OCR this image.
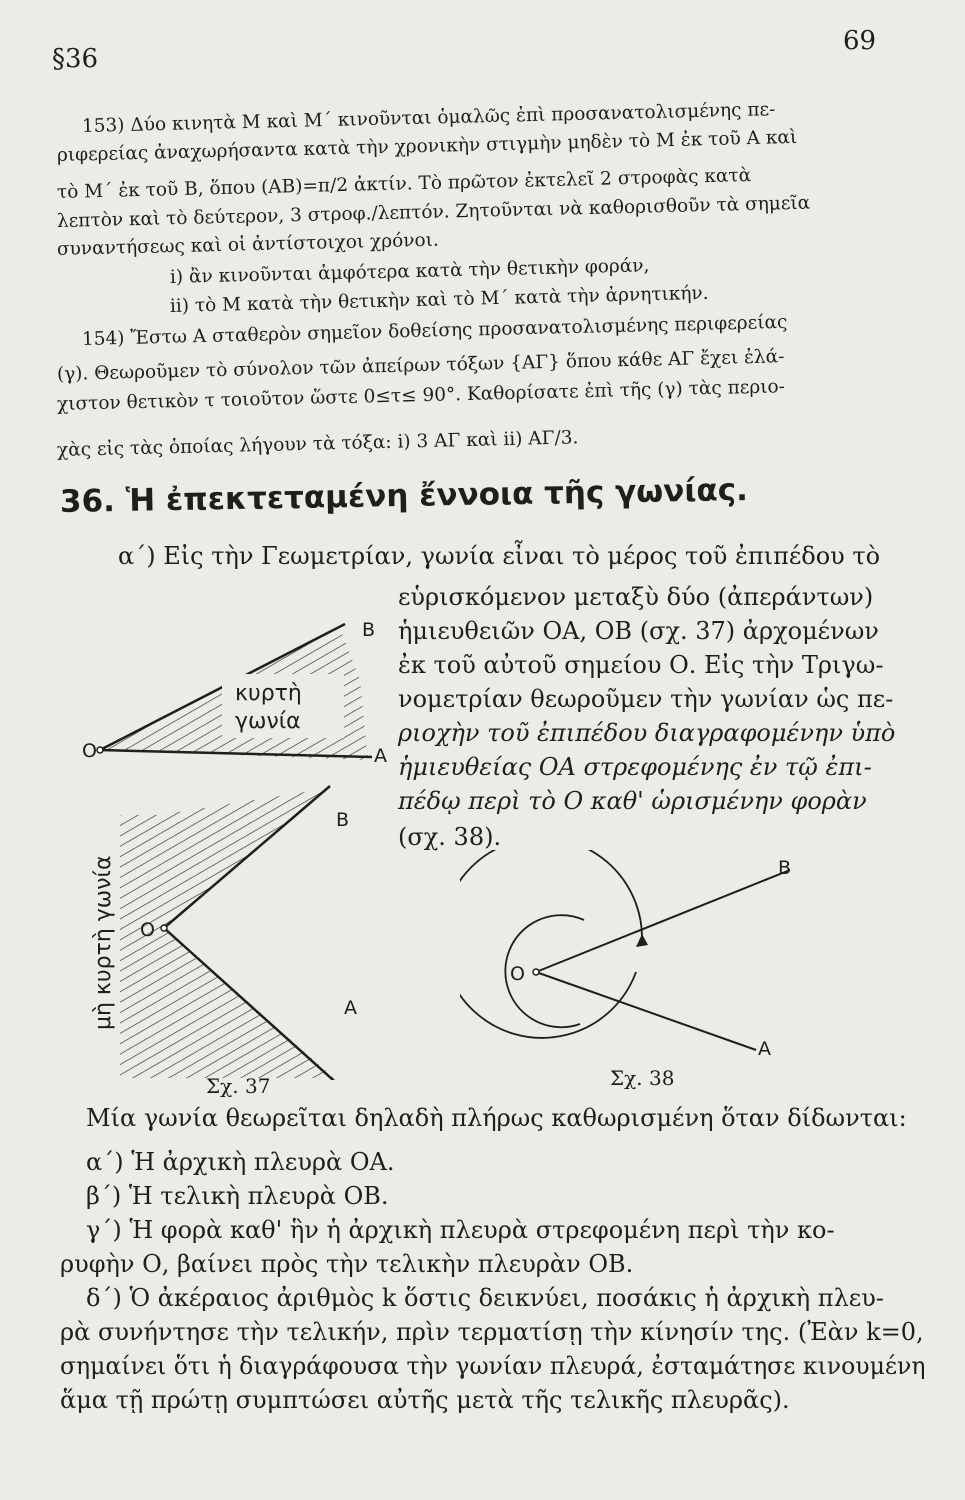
§36
69
153) Δύο κινητὰ Μ καὶ Μ΄ κινοῦνται ὁμαλῶς ἐπὶ προσανατολισμένης πε-
ριφερείας ἀναχωρήσαντα κατὰ τὴν χρονικὴν στιγμὴν μηδὲν τὸ Μ ἐκ τοῦ Α καὶ
τὸ Μ΄ ἐκ τοῦ Β, ὅπου (ΑΒ)=π/2 ἀκτίν. Τὸ πρῶτον ἐκτελεῖ 2 στροφὰς κατὰ
λεπτὸν καὶ τὸ δεύτερον, 3 στροφ./λεπτόν. Ζητοῦνται νὰ καθορισθοῦν τὰ σημεῖα
συναντήσεως καὶ οἱ ἀντίστοιχοι χρόνοι.
i) ἂν κινοῦνται ἀμφότερα κατὰ τὴν θετικὴν φοράν,
ii) τὸ Μ κατὰ τὴν θετικὴν καὶ τὸ Μ΄ κατὰ τὴν ἀρνητικήν.
154) Ἔστω Α σταθερὸν σημεῖον δοθείσης προσανατολισμένης περιφερείας
(γ). Θεωροῦμεν τὸ σύνολον τῶν ἀπείρων τόξων {ΑΓ} ὅπου κάθε ΑΓ ἔχει ἐλά-
χιστον θετικὸν τ τοιοῦτον ὥστε 0≤τ≤ 90°. Καθορίσατε ἐπὶ τῆς (γ) τὰς περιο-
χὰς εἰς τὰς ὁποίας λήγουν τὰ τόξα: i) 3 ΑΓ καὶ ii) ΑΓ/3.
36. Ἡ ἐπεκτεταμένη ἔννοια τῆς γωνίας.
α΄) Εἰς τὴν Γεωμετρίαν, γωνία εἶναι τὸ μέρος τοῦ ἐπιπέδου τὸ
εὑρισκόμενον μεταξὺ δύο (ἀπεράντων)
ἡμιευθειῶν ΟΑ, ΟΒ (σχ. 37) ἀρχομένων
ἐκ τοῦ αὐτοῦ σημείου Ο. Εἰς τὴν Τριγω-
νομετρίαν θεωροῦμεν τὴν γωνίαν ὡς πε-
ριοχὴν τοῦ ἐπιπέδου διαγραφομένην ὑπὸ
ἡμιευθείας ΟΑ στρεφομένης ἐν τῷ ἐπι-
πέδῳ περὶ τὸ Ο καθ' ὡρισμένην φορὰν
(σχ. 38).
O
B
A
κυρτὴ
γωνία
O
B
A
μὴ κυρτὴ γωνία
Σχ. 37
O
B
A
Σχ. 38
Μία γωνία θεωρεῖται δηλαδὴ πλήρως καθωρισμένη ὅταν δίδωνται:
α΄) Ἡ ἀρχικὴ πλευρὰ ΟΑ.
β΄) Ἡ τελικὴ πλευρὰ ΟΒ.
γ΄) Ἡ φορὰ καθ' ἣν ἡ ἀρχικὴ πλευρὰ στρεφομένη περὶ τὴν κο-
ρυφὴν Ο, βαίνει πρὸς τὴν τελικὴν πλευρὰν ΟΒ.
δ΄) Ὁ ἀκέραιος ἀριθμὸς k ὅστις δεικνύει, ποσάκις ἡ ἀρχικὴ πλευ-
ρὰ συνήντησε τὴν τελικήν, πρὶν τερματίσῃ τὴν κίνησίν της. (Ἐὰν k=0,
σημαίνει ὅτι ἡ διαγράφουσα τὴν γωνίαν πλευρά, ἐσταμάτησε κινουμένη
ἅμα τῇ πρώτῃ συμπτώσει αὐτῆς μετὰ τῆς τελικῆς πλευρᾶς).
